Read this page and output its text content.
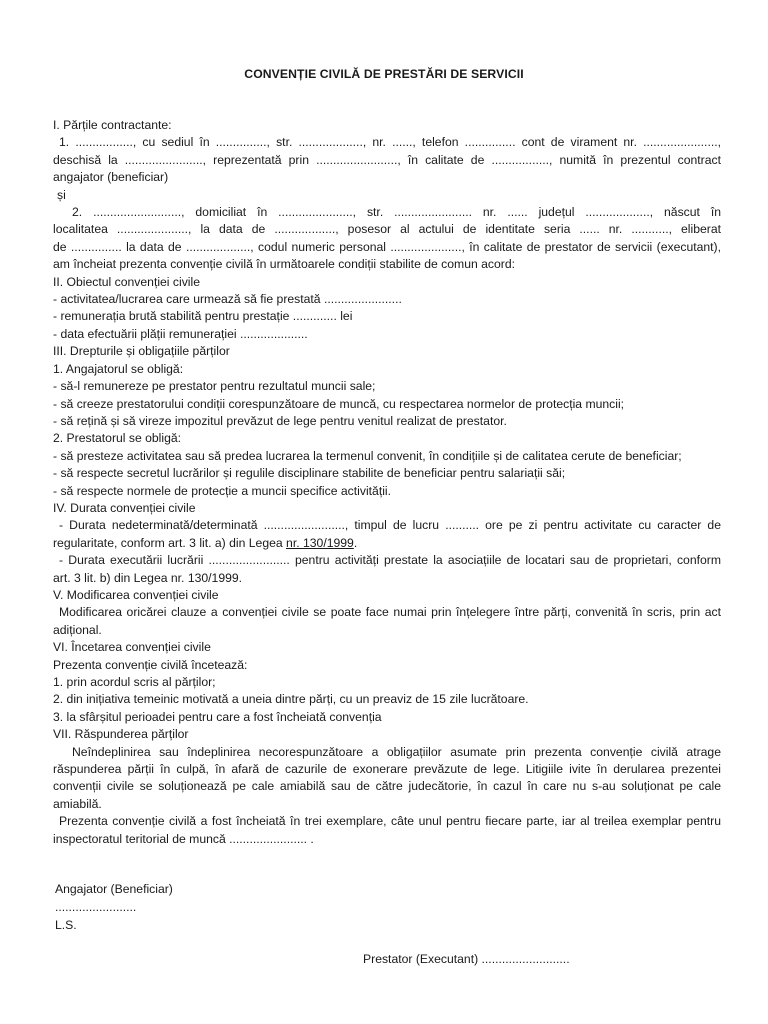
CONVENȚIE CIVILĂ DE PRESTĂRI DE SERVICII

I. Părțile contractante:

1. ................., cu sediul în ..............., str. ..................., nr. ......, telefon ............... cont de virament nr. ......................,

deschisă la ......................., reprezentată prin ........................, în calitate de ................., numită în prezentul contract

angajator (beneficiar)

și

2. .........................., domiciliat în ......................, str. ....................... nr. ...... județul ..................., născut în

localitatea ....................., la data de .................., posesor al actului de identitate seria ...... nr. ..........., eliberat

de ............... la data de ..................., codul numeric personal ....................., în calitate de prestator de servicii (executant),

am încheiat prezenta convenție civilă în următoarele condiții stabilite de comun acord:

II. Obiectul convenției civile

- activitatea/lucrarea care urmează să fie prestată .......................

- remunerația brută stabilită pentru prestație ............. lei

- data efectuării plății remunerației ....................

III. Drepturile și obligațiile părților

1. Angajatorul se obligă:

- să-l remunereze pe prestator pentru rezultatul muncii sale;

- să creeze prestatorului condiții corespunzătoare de muncă, cu respectarea normelor de protecția muncii;

- să rețină și să vireze impozitul prevăzut de lege pentru venitul realizat de prestator.

2. Prestatorul se obligă:

- să presteze activitatea sau să predea lucrarea la termenul convenit, în condițiile și de calitatea cerute de beneficiar;

- să respecte secretul lucrărilor și regulile disciplinare stabilite de beneficiar pentru salariații săi;

- să respecte normele de protecție a muncii specifice activității.

IV. Durata convenției civile

- Durata nedeterminată/determinată ........................, timpul de lucru .......... ore pe zi pentru activitate cu caracter de

regularitate, conform art. 3 lit. a) din Legea nr. 130/1999.

- Durata executării lucrării ........................ pentru activități prestate la asociațiile de locatari sau de proprietari, conform

art. 3 lit. b) din Legea nr. 130/1999.

V. Modificarea convenției civile

Modificarea oricărei clauze a convenției civile se poate face numai prin înțelegere între părți, convenită în scris, prin act

adițional.

VI. Încetarea convenției civile

Prezenta convenție civilă încetează:

1. prin acordul scris al părților;

2. din inițiativa temeinic motivată a uneia dintre părți, cu un preaviz de 15 zile lucrătoare.

3. la sfârșitul perioadei pentru care a fost încheiată convenția

VII. Răspunderea părților

Neîndeplinirea sau îndeplinirea necorespunzătoare a obligațiilor asumate prin prezenta convenție civilă atrage

răspunderea părții în culpă, în afară de cazurile de exonerare prevăzute de lege. Litigiile ivite în derularea prezentei

convenții civile se soluționează pe cale amiabilă sau de către judecătorie, în cazul în care nu s-au soluționat pe cale

amiabilă.

Prezenta convenție civilă a fost încheiată în trei exemplare, câte unul pentru fiecare parte, iar al treilea exemplar pentru

inspectoratul teritorial de muncă ....................... .

Angajator (Beneficiar)
........................
L.S.
Prestator (Executant) ..........................
